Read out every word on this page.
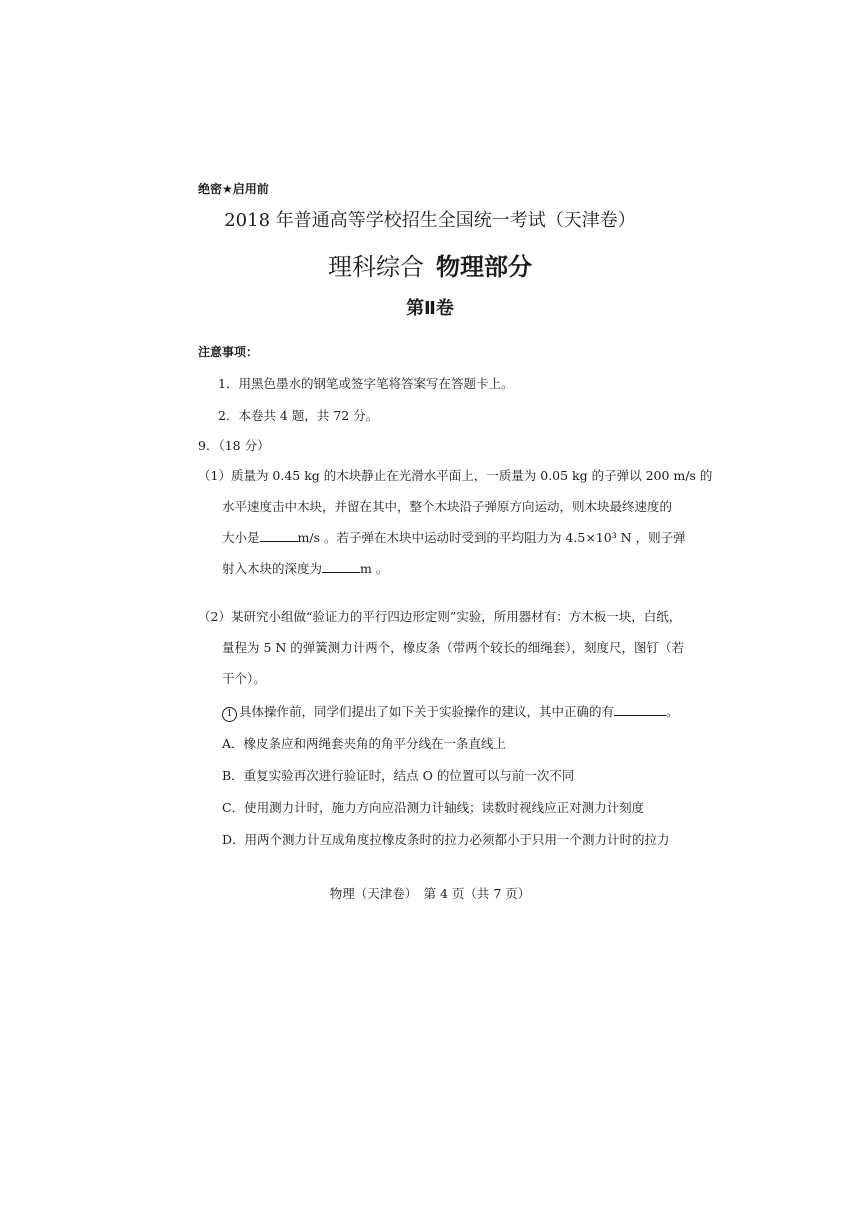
绝密★启用前
2018 年普通高等学校招生全国统一考试（天津卷）
理科综合 物理部分
第Ⅱ卷
注意事项：
1．用黑色墨水的钢笔或签字笔将答案写在答题卡上。
2．本卷共 4 题，共 72 分。
9．（18 分）
（1）质量为 0.45 kg 的木块静止在光滑水平面上，一质量为 0.05 kg 的子弹以 200 m/s 的
水平速度击中木块，并留在其中，整个木块沿子弹原方向运动，则木块最终速度的
大小是	m/s 。若子弹在木块中运动时受到的平均阻力为 4.5×10³ N ，则子弹
射入木块的深度为	m 。
（2）某研究小组做“验证力的平行四边形定则”实验，所用器材有：方木板一块，白纸，
量程为 5 N 的弹簧测力计两个，橡皮条（带两个较长的细绳套），刻度尺，图钉（若
干个）。
1 具体操作前，同学们提出了如下关于实验操作的建议，其中正确的有	。
A．橡皮条应和两绳套夹角的角平分线在一条直线上
B．重复实验再次进行验证时，结点 O 的位置可以与前一次不同
C．使用测力计时，施力方向应沿测力计轴线；读数时视线应正对测力计刻度
D．用两个测力计互成角度拉橡皮条时的拉力必须都小于只用一个测力计时的拉力
物理（天津卷）　第 4 页（共 7 页）
